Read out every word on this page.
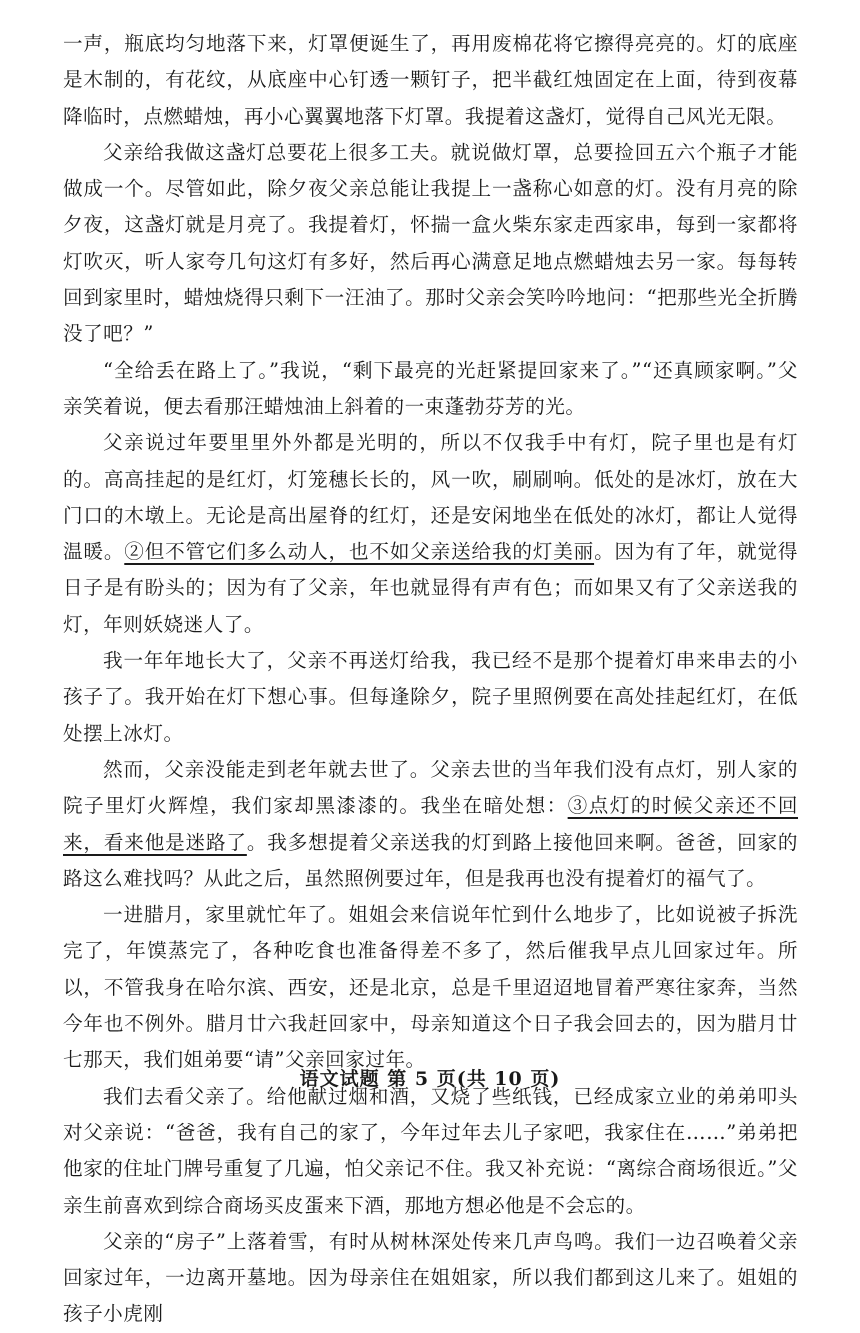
一声，瓶底均匀地落下来，灯罩便诞生了，再用废棉花将它擦得亮亮的。灯的底座是木制的，有花纹，从底座中心钉透一颗钉子，把半截红烛固定在上面，待到夜幕降临时，点燃蜡烛，再小心翼翼地落下灯罩。我提着这盏灯，觉得自己风光无限。

父亲给我做这盏灯总要花上很多工夫。就说做灯罩，总要捡回五六个瓶子才能做成一个。尽管如此，除夕夜父亲总能让我提上一盏称心如意的灯。没有月亮的除夕夜，这盏灯就是月亮了。我提着灯，怀揣一盒火柴东家走西家串，每到一家都将灯吹灭，听人家夸几句这灯有多好，然后再心满意足地点燃蜡烛去另一家。每每转回到家里时，蜡烛烧得只剩下一汪油了。那时父亲会笑吟吟地问：“把那些光全折腾没了吧？”

“全给丢在路上了。”我说，“剩下最亮的光赶紧提回家来了。”“还真顾家啊。”父亲笑着说，便去看那汪蜡烛油上斜着的一束蓬勃芬芳的光。

父亲说过年要里里外外都是光明的，所以不仅我手中有灯，院子里也是有灯的。高高挂起的是红灯，灯笼穗长长的，风一吹，刷刷响。低处的是冰灯，放在大门口的木墩上。无论是高出屋脊的红灯，还是安闲地坐在低处的冰灯，都让人觉得温暖。②但不管它们多么动人，也不如父亲送给我的灯美丽。因为有了年，就觉得日子是有盼头的；因为有了父亲，年也就显得有声有色；而如果又有了父亲送我的灯，年则妖娆迷人了。

我一年年地长大了，父亲不再送灯给我，我已经不是那个提着灯串来串去的小孩子了。我开始在灯下想心事。但每逢除夕，院子里照例要在高处挂起红灯，在低处摆上冰灯。

然而，父亲没能走到老年就去世了。父亲去世的当年我们没有点灯，别人家的院子里灯火辉煌，我们家却黑漆漆的。我坐在暗处想：③点灯的时候父亲还不回来，看来他是迷路了。我多想提着父亲送我的灯到路上接他回来啊。爸爸，回家的路这么难找吗？从此之后，虽然照例要过年，但是我再也没有提着灯的福气了。

一进腊月，家里就忙年了。姐姐会来信说年忙到什么地步了，比如说被子拆洗完了，年馍蒸完了，各种吃食也准备得差不多了，然后催我早点儿回家过年。所以，不管我身在哈尔滨、西安，还是北京，总是千里迢迢地冒着严寒往家奔，当然今年也不例外。腊月廿六我赶回家中，母亲知道这个日子我会回去的，因为腊月廿七那天，我们姐弟要“请”父亲回家过年。

我们去看父亲了。给他献过烟和酒，又烧了些纸钱，已经成家立业的弟弟叩头对父亲说：“爸爸，我有自己的家了，今年过年去儿子家吧，我家住在……”弟弟把他家的住址门牌号重复了几遍，怕父亲记不住。我又补充说：“离综合商场很近。”父亲生前喜欢到综合商场买皮蛋来下酒，那地方想必他是不会忘的。

父亲的“房子”上落着雪，有时从树林深处传来几声鸟鸣。我们一边召唤着父亲回家过年，一边离开墓地。因为母亲住在姐姐家，所以我们都到这儿来了。姐姐的孩子小虎刚

语文试题 第 5 页(共 10 页)
